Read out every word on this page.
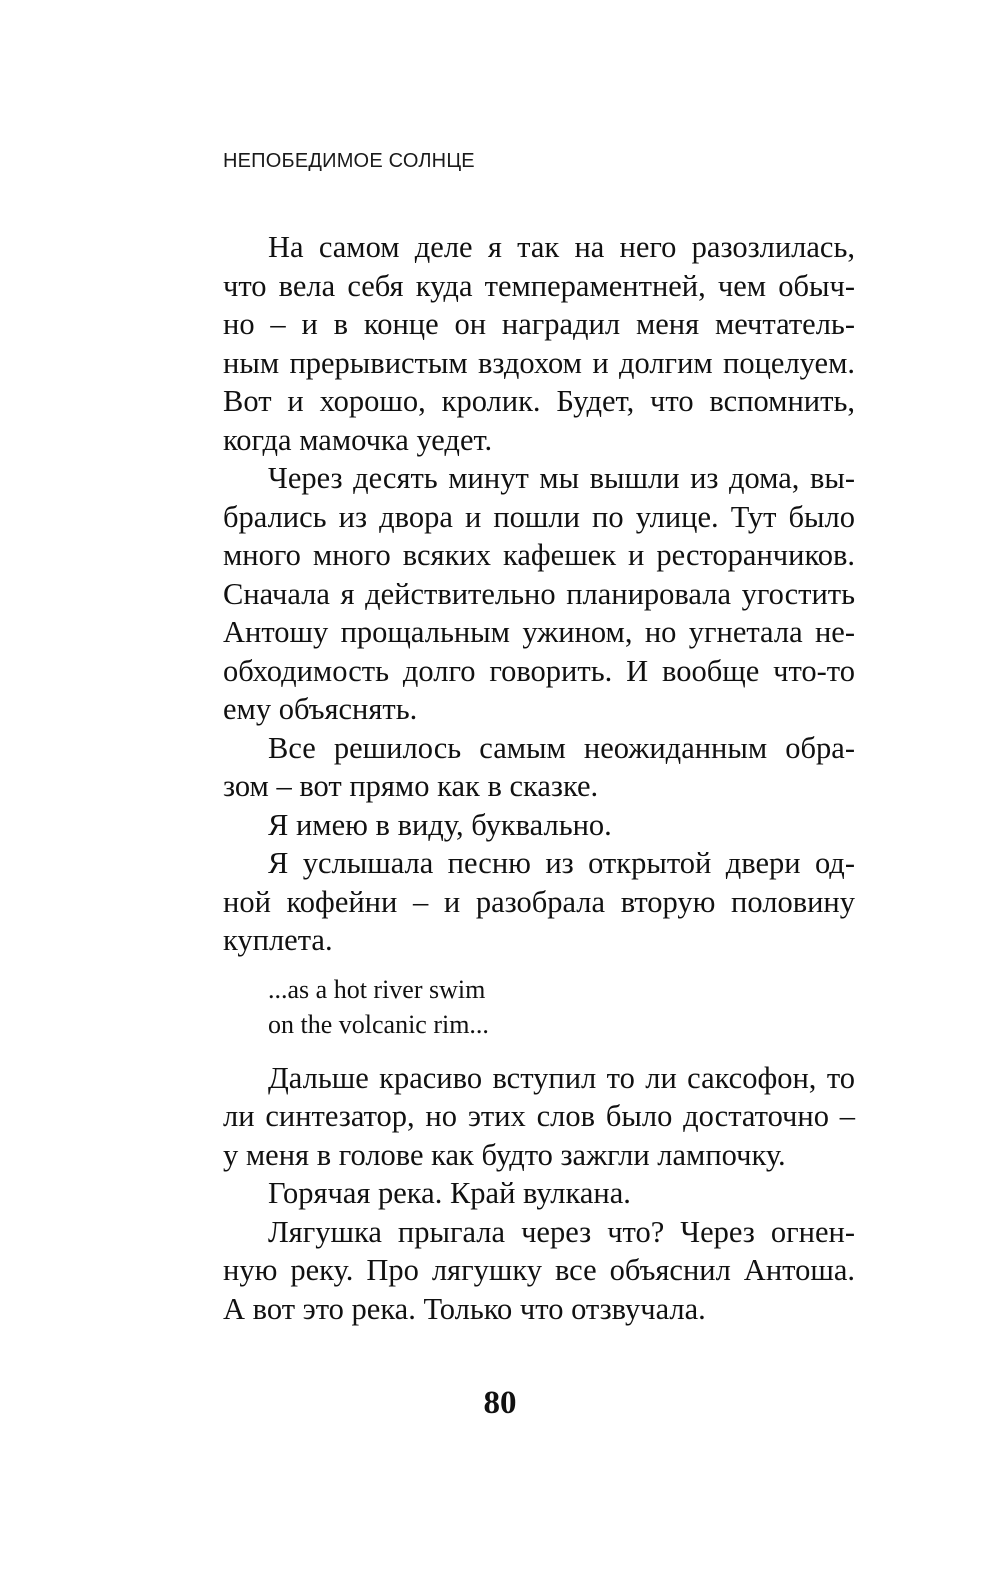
НЕПОБЕДИМОЕ СОЛНЦЕ

На самом деле я так на него разозлилась,
что вела себя куда темпераментней, чем обыч-
но – и в конце он наградил меня мечтатель-
ным прерывистым вздохом и долгим поцелуем.
Вот и хорошо, кролик. Будет, что вспомнить,
когда мамочка уедет.

Через десять минут мы вышли из дома, вы-
брались из двора и пошли по улице. Тут было
много много всяких кафешек и ресторанчиков.
Сначала я действительно планировала угостить
Антошу прощальным ужином, но угнетала не-
обходимость долго говорить. И вообще что-то
ему объяснять.

Все решилось самым неожиданным обра-
зом – вот прямо как в сказке.

Я имею в виду, буквально.

Я услышала песню из открытой двери од-
ной кофейни – и разобрала вторую половину
куплета.

...as a hot river swim
on the volcanic rim...

Дальше красиво вступил то ли саксофон, то
ли синтезатор, но этих слов было достаточно –
у меня в голове как будто зажгли лампочку.

Горячая река. Край вулкана.

Лягушка прыгала через что? Через огнен-
ную реку. Про лягушку все объяснил Антоша.
А вот это река. Только что отзвучала.

80
